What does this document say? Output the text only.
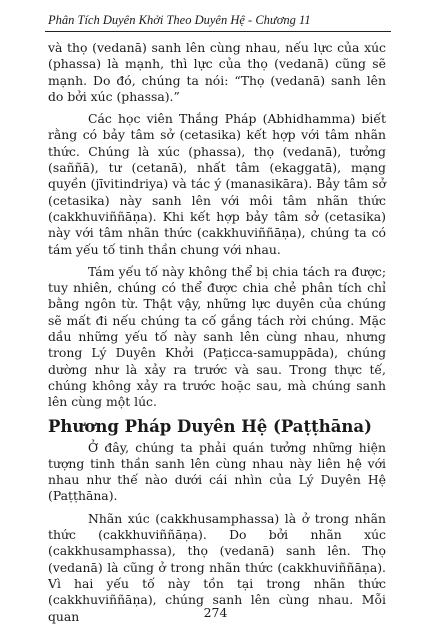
Phân Tích Duyên Khởi Theo Duyên Hệ - Chương 11

và thọ (vedanā) sanh lên cùng nhau, nếu lực của xúc (phassa) là mạnh, thì lực của thọ (vedanā) cũng sẽ mạnh. Do đó, chúng ta nói: “Thọ (vedanā) sanh lên do bởi xúc (phassa).”

Các học viên Thắng Pháp (Abhidhamma) biết rằng có bảy tâm sở (cetasika) kết hợp với tâm nhãn thức. Chúng là xúc (phassa), thọ (vedanā), tưởng (saññā), tư (cetanā), nhất tâm (ekaggatā), mạng quyền (jīvitindriya) và tác ý (manasikāra). Bảy tâm sở (cetasika) này sanh lên với môi tâm nhãn thức (cakkhuviññāṇa). Khi kết hợp bảy tâm sở (cetasika) này với tâm nhãn thức (cakkhuviññāṇa), chúng ta có tám yếu tố tinh thần chung với nhau.

Tám yếu tố này không thể bị chia tách ra được; tuy nhiên, chúng có thể được chia chẻ phân tích chỉ bằng ngôn từ. Thật vậy, những lực duyên của chúng sẽ mất đi nếu chúng ta cố gắng tách rời chúng. Mặc dầu những yếu tố này sanh lên cùng nhau, nhưng trong Lý Duyên Khởi (Paṭicca-samuppāda), chúng dường như là xảy ra trước và sau. Trong thực tế, chúng không xảy ra trước hoặc sau, mà chúng sanh lên cùng một lúc.

Phương Pháp Duyên Hệ (Paṭṭhāna)

Ở đây, chúng ta phải quán tưởng những hiện tượng tinh thần sanh lên cùng nhau này liên hệ với nhau như thế nào dưới cái nhìn của Lý Duyên Hệ (Paṭṭhāna).

Nhãn xúc (cakkhusamphassa) là ở trong nhãn thức (cakkhuviññāṇa). Do bởi nhãn xúc (cakkhusamphassa), thọ (vedanā) sanh lên. Thọ (vedanā) là cũng ở trong nhãn thức (cakkhuviññāṇa). Vì hai yếu tố này tồn tại trong nhãn thức (cakkhuviññāṇa), chúng sanh lên cùng nhau. Mỗi quan	274
